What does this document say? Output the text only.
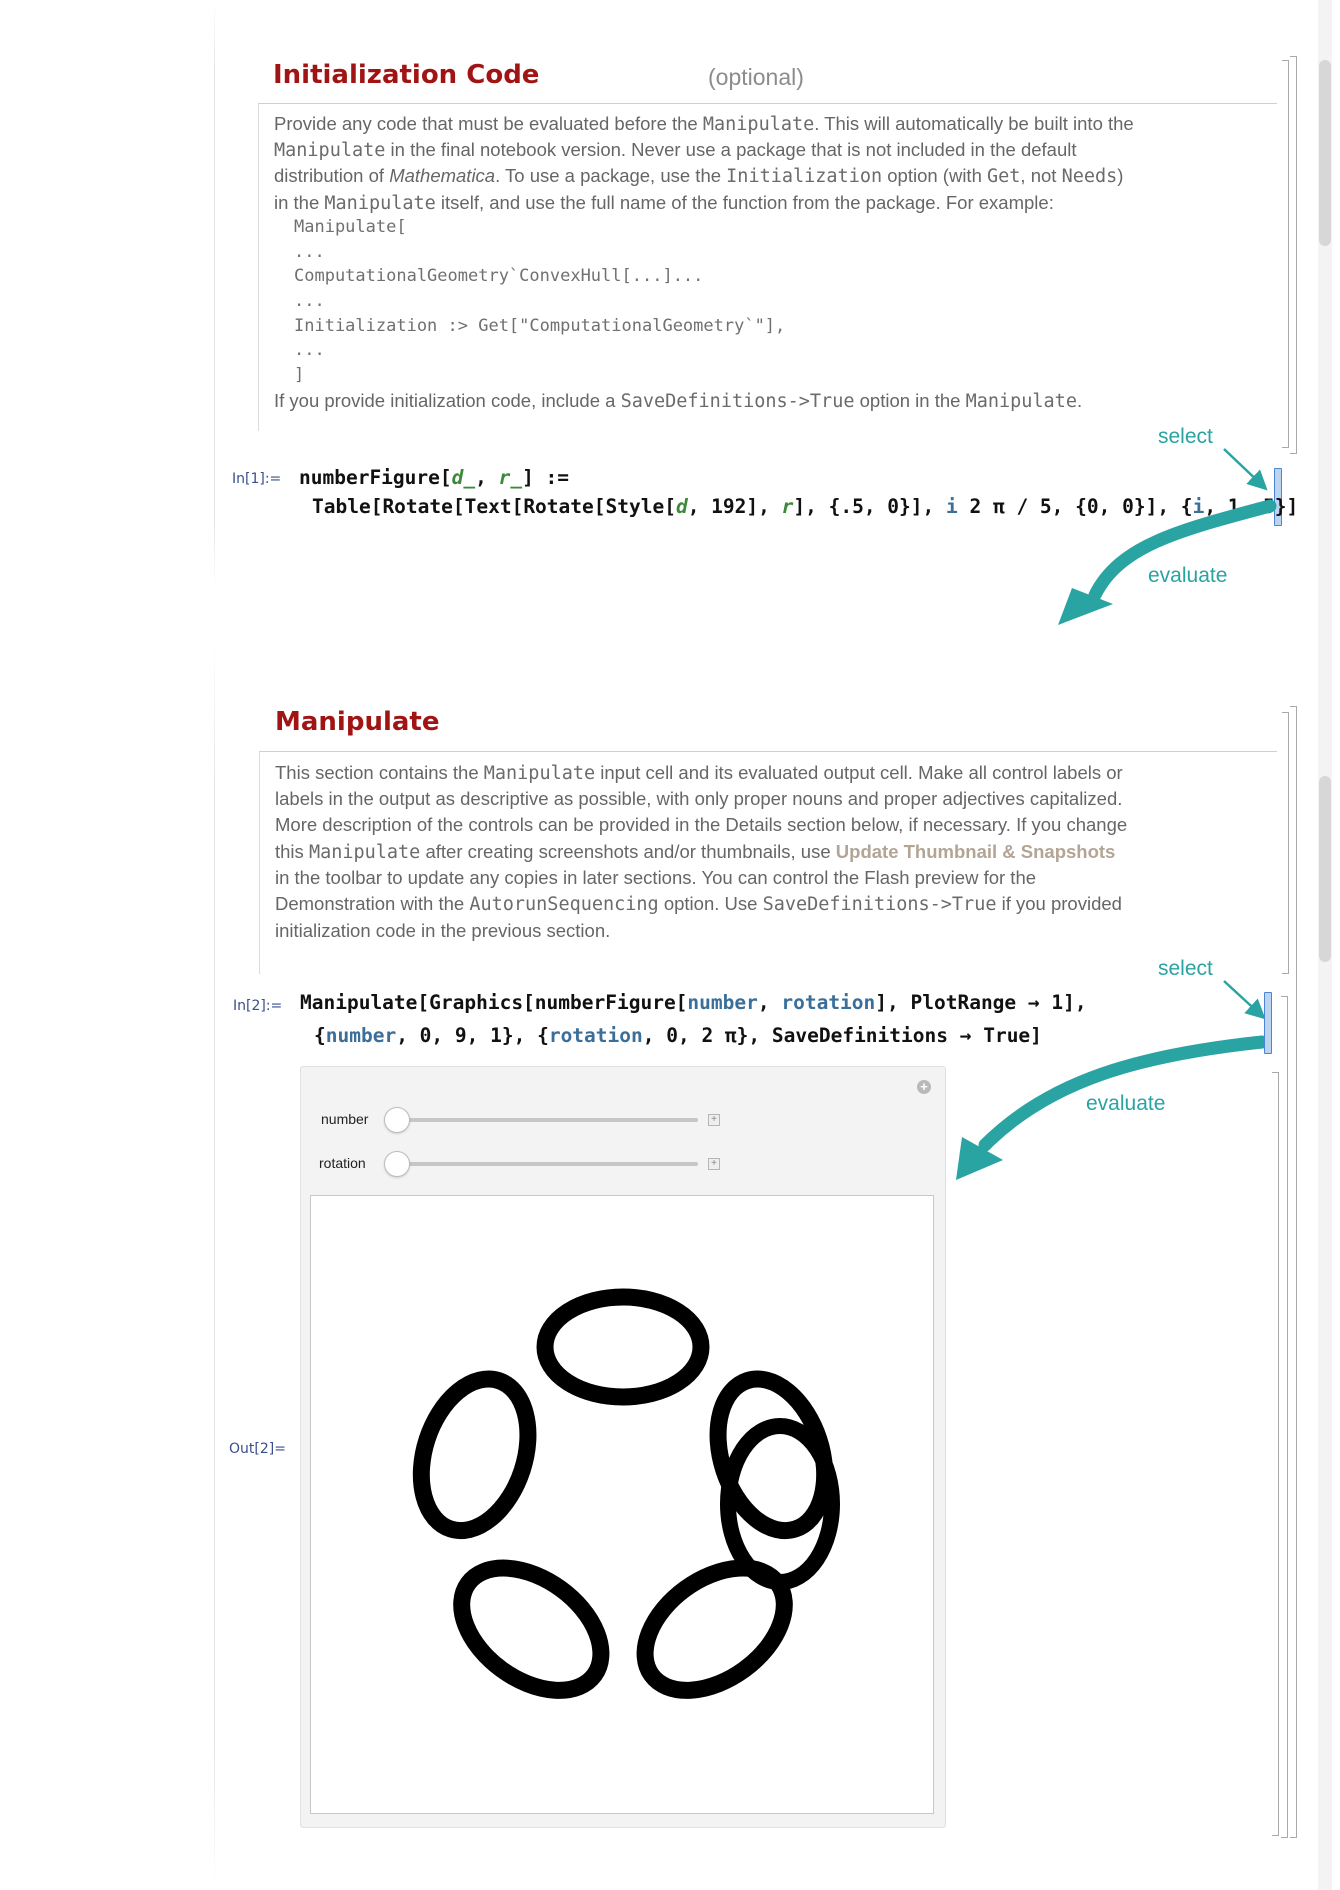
Initialization Code	(optional)
Provide any code that must be evaluated before the Manipulate. This will automatically be built into the
Manipulate in the final notebook version. Never use a package that is not included in the default
distribution of Mathematica. To use a package, use the Initialization option (with Get, not Needs)
in the Manipulate itself, and use the full name of the function from the package. For example:
Manipulate[
...
ComputationalGeometry`ConvexHull[...]...
...
Initialization :> Get["ComputationalGeometry`"],
...
]
If you provide initialization code, include a SaveDefinitions->True option in the Manipulate.
In[1]:= numberFigure[d_, r_] :=
Table[Rotate[Text[Rotate[Style[d, 192], r], {.5, 0}], i 2 π / 5, {0, 0}], {i, 1, 5}]
select
evaluate
Manipulate
This section contains the Manipulate input cell and its evaluated output cell. Make all control labels or
labels in the output as descriptive as possible, with only proper nouns and proper adjectives capitalized.
More description of the controls can be provided in the Details section below, if necessary. If you change
this Manipulate after creating screenshots and/or thumbnails, use Update Thumbnail & Snapshots
in the toolbar to update any copies in later sections. You can control the Flash preview for the
Demonstration with the AutorunSequencing option. Use SaveDefinitions->True if you provided
initialization code in the previous section.
select
evaluate
In[2]:= Manipulate[Graphics[numberFigure[number, rotation], PlotRange → 1],
{number, 0, 9, 1}, {rotation, 0, 2 π}, SaveDefinitions → True]
Out[2]=
+
number	+
rotation	+
